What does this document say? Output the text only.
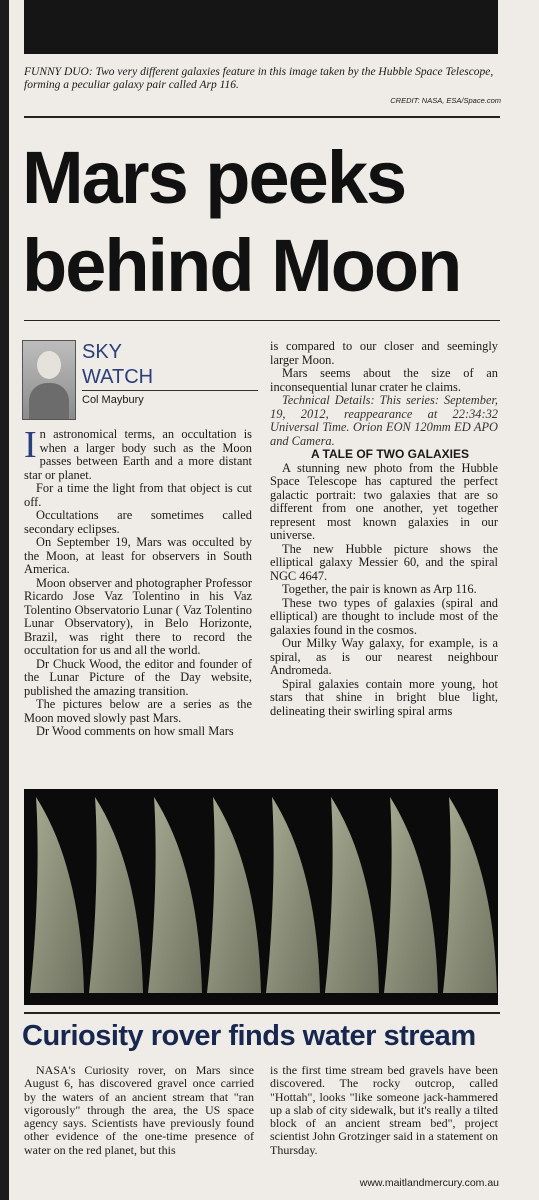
FUNNY DUO: Two very different galaxies feature in this image taken by the Hubble Space Telescope, forming a peculiar galaxy pair called Arp 116.
CREDIT: NASA, ESA/Space.com
Mars peeks
behind Moon
SKY
WATCH
Col Maybury

In astronomical terms, an occultation is when a larger body such as the Moon passes between Earth and a more distant star or planet.

For a time the light from that object is cut off.

Occultations are sometimes called secondary eclipses.

On September 19, Mars was occulted by the Moon, at least for observers in South America.

Moon observer and photographer Professor Ricardo Jose Vaz Tolentino in his Vaz Tolentino Observatorio Lunar ( Vaz Tolentino Lunar Observatory), in Belo Horizonte, Brazil, was right there to record the occultation for us and all the world.

Dr Chuck Wood, the editor and founder of the Lunar Picture of the Day website, published the amazing transition.

The pictures below are a series as the Moon moved slowly past Mars.

Dr Wood comments on how small Mars

is compared to our closer and seemingly larger Moon.

Mars seems about the size of an inconsequential lunar crater he claims.

Technical Details: This series: September, 19, 2012, reappearance at 22:34:32 Universal Time. Orion EON 120mm ED APO and Camera.

A TALE OF TWO GALAXIES

A stunning new photo from the Hubble Space Telescope has captured the perfect galactic portrait: two galaxies that are so different from one another, yet together represent most known galaxies in our universe.

The new Hubble picture shows the elliptical galaxy Messier 60, and the spiral NGC 4647.

Together, the pair is known as Arp 116.

These two types of galaxies (spiral and elliptical) are thought to include most of the galaxies found in the cosmos.

Our Milky Way galaxy, for example, is a spiral, as is our nearest neighbour Andromeda.

Spiral galaxies contain more young, hot stars that shine in bright blue light, delineating their swirling spiral arms

Curiosity rover finds water stream

NASA's Curiosity rover, on Mars since August 6, has discovered gravel once carried by the waters of an ancient stream that "ran vigorously" through the area, the US space agency says. Scientists have previously found other evidence of the one-time presence of water on the red planet, but this

is the first time stream bed gravels have been discovered. The rocky outcrop, called "Hottah", looks "like someone jack-hammered up a slab of city sidewalk, but it's really a tilted block of an ancient stream bed", project scientist John Grotzinger said in a statement on Thursday.

www.maitlandmercury.com.au
